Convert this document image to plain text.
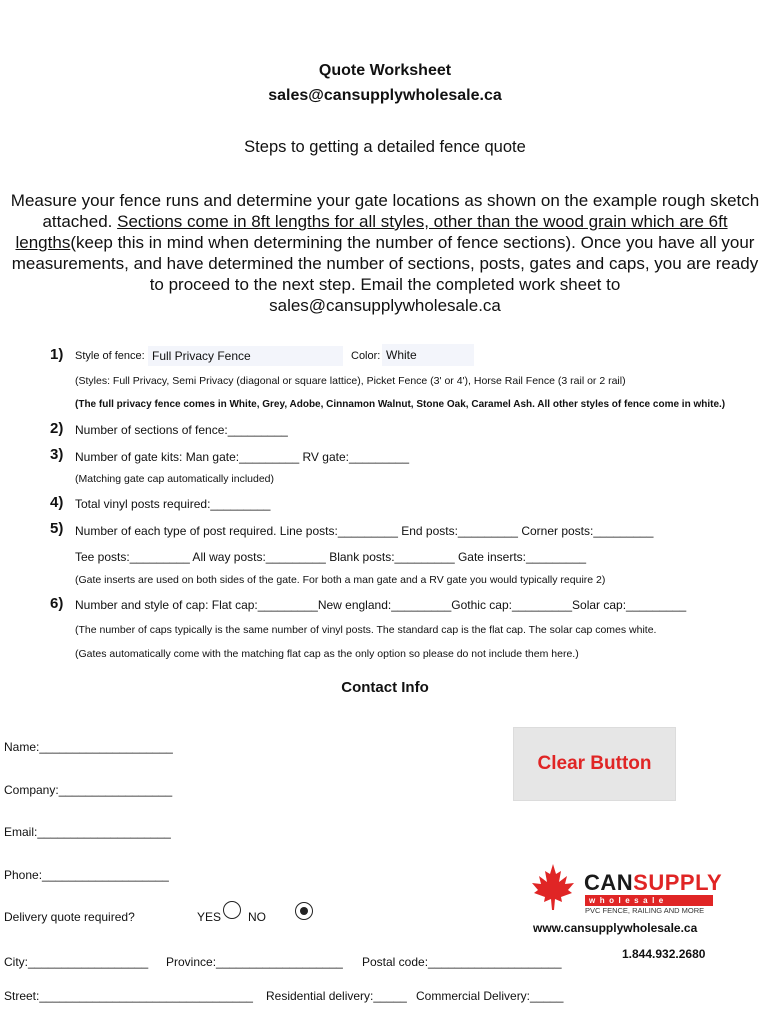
Quote Worksheet
sales@cansupplywholesale.ca
Steps to getting a detailed fence quote
Measure your fence runs and determine your gate locations as shown on the example rough sketch attached. Sections come in 8ft lengths for all styles, other than the wood grain which are 6ft lengths(keep this in mind when determining the number of fence sections). Once you have all your measurements, and have determined the number of sections, posts, gates and caps, you are ready to proceed to the next step. Email the completed work sheet to
sales@cansupplywholesale.ca
1) Style of fence: Full Privacy Fence	Color: White
(Styles: Full Privacy, Semi Privacy (diagonal or square lattice), Picket Fence (3' or 4'), Horse Rail Fence (3 rail or 2 rail)
(The full privacy fence comes in White, Grey, Adobe, Cinnamon Walnut, Stone Oak, Caramel Ash. All other styles of fence come in white.)
2) Number of sections of fence:_________
3) Number of gate kits: Man gate:_________ RV gate:_________
(Matching gate cap automatically included)
4) Total vinyl posts required:_________
5) Number of each type of post required. Line posts:_________ End posts:_________ Corner posts:_________
Tee posts:_________ All way posts:_________ Blank posts:_________ Gate inserts:_________
(Gate inserts are used on both sides of the gate. For both a man gate and a RV gate you would typically require 2)
6) Number and style of cap: Flat cap:_________New england:_________Gothic cap:_________Solar cap:_________
(The number of caps typically is the same number of vinyl posts. The standard cap is the flat cap. The solar cap comes white.
(Gates automatically come with the matching flat cap as the only option so please do not include them here.)
Contact Info
Name:____________________
Company:_________________
Email:____________________
Phone:___________________
Delivery quote required?	YES
NO
City:__________________ Province:___________________ Postal code:____________________
Street:________________________________ Residential delivery:_____ Commercial Delivery:_____
Clear Button
CANSUPPLY
wholesale
PVC FENCE, RAILING AND MORE
www.cansupplywholesale.ca
1.844.932.2680
